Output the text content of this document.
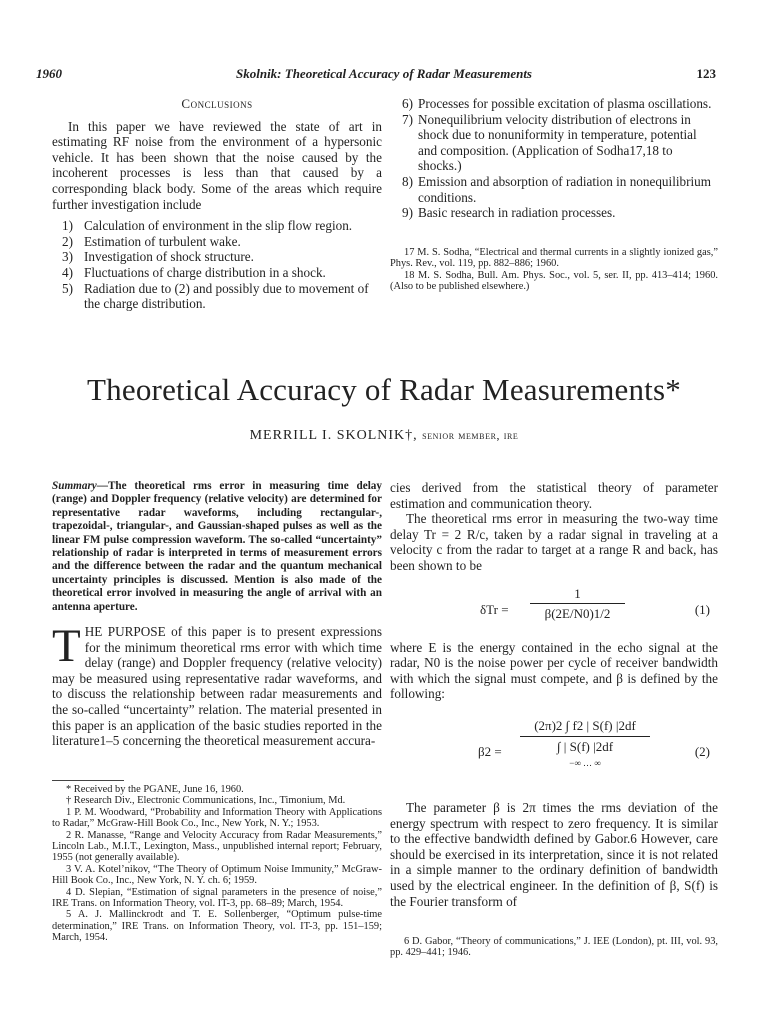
1960	Skolnik: Theoretical Accuracy of Radar Measurements	123
Conclusions

In this paper we have reviewed the state of art in estimating RF noise from the environment of a hypersonic vehicle. It has been shown that the noise caused by the incoherent processes is less than that caused by a corresponding black body. Some of the areas which require further investigation include

1) Calculation of environment in the slip flow region.
2) Estimation of turbulent wake.
3) Investigation of shock structure.
4) Fluctuations of charge distribution in a shock.
5) Radiation due to (2) and possibly due to movement of the charge distribution.
6) Processes for possible excitation of plasma oscillations.
7) Nonequilibrium velocity distribution of electrons in shock due to nonuniformity in temperature, potential and composition. (Application of Sodha17,18 to shocks.)
8) Emission and absorption of radiation in nonequilibrium conditions.
9) Basic research in radiation processes.

17 M. S. Sodha, “Electrical and thermal currents in a slightly ionized gas,” Phys. Rev., vol. 119, pp. 882–886; 1960.

18 M. S. Sodha, Bull. Am. Phys. Soc., vol. 5, ser. II, pp. 413–414; 1960. (Also to be published elsewhere.)

Theoretical Accuracy of Radar Measurements*
MERRILL I. SKOLNIK†, senior member, ire

Summary—The theoretical rms error in measuring time delay (range) and Doppler frequency (relative velocity) are determined for representative radar waveforms, including rectangular-, trapezoidal-, triangular-, and Gaussian-shaped pulses as well as the linear FM pulse compression waveform. The so-called “uncertainty” relationship of radar is interpreted in terms of measurement errors and the difference between the radar and the quantum mechanical uncertainty principles is discussed. Mention is also made of the theoretical error involved in measuring the angle of arrival with an antenna aperture.

THE PURPOSE of this paper is to present expressions for the minimum theoretical rms error with which time delay (range) and Doppler frequency (relative velocity) may be measured using representative radar waveforms, and to discuss the relationship between radar measurements and the so-called “uncertainty” relation. The material presented in this paper is an application of the basic studies reported in the literature1–5 concerning the theoretical measurement accura-

* Received by the PGANE, June 16, 1960.

† Research Div., Electronic Communications, Inc., Timonium, Md.

1 P. M. Woodward, “Probability and Information Theory with Applications to Radar,” McGraw-Hill Book Co., Inc., New York, N. Y.; 1953.

2 R. Manasse, “Range and Velocity Accuracy from Radar Measurements,” Lincoln Lab., M.I.T., Lexington, Mass., unpublished internal report; February, 1955 (not generally available).

3 V. A. Kotel’nikov, “The Theory of Optimum Noise Immunity,” McGraw-Hill Book Co., Inc., New York, N. Y. ch. 6; 1959.

4 D. Slepian, “Estimation of signal parameters in the presence of noise,” IRE Trans. on Information Theory, vol. IT-3, pp. 68–89; March, 1954.

5 A. J. Mallinckrodt and T. E. Sollenberger, “Optimum pulse-time determination,” IRE Trans. on Information Theory, vol. IT-3, pp. 151–159; March, 1954.

cies derived from the statistical theory of parameter estimation and communication theory.

The theoretical rms error in measuring the two-way time delay Tr = 2 R/c, taken by a radar signal in traveling at a velocity c from the radar to target at a range R and back, has been shown to be

δTr =
1
β(2E/N0)1/2	(1)

where E is the energy contained in the echo signal at the radar, N0 is the noise power per cycle of receiver bandwidth with which the signal must compete, and β is defined by the following:

β2 =
(2π)2 ∫ f2 | S(f) |2df
∫ | S(f) |2df
−∞ … ∞
(2)

The parameter β is 2π times the rms deviation of the energy spectrum with respect to zero frequency. It is similar to the effective bandwidth defined by Gabor.6 However, care should be exercised in its interpretation, since it is not related in a simple manner to the ordinary definition of bandwidth used by the electrical engineer. In the definition of β, S(f) is the Fourier transform of

6 D. Gabor, “Theory of communications,” J. IEE (London), pt. III, vol. 93, pp. 429–441; 1946.
